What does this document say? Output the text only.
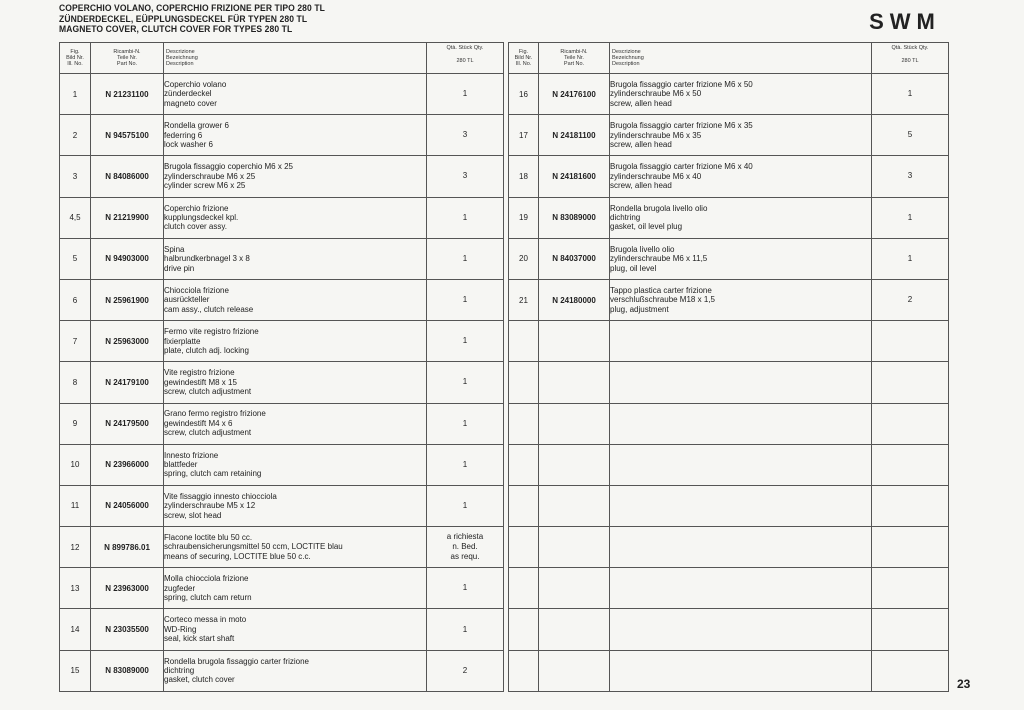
COPERCHIO VOLANO, COPERCHIO FRIZIONE PER TIPO 280 TL
ZÜNDERDECKEL, EÜPPLUNGSDECKEL FÜR TYPEN 280 TL
MAGNETO COVER, CLUTCH COVER FOR TYPES 280 TL	SWM
Fig.
Bild Nr.
Ill. No.	Ricambi-N.
Teile Nr.
Part No.	Descrizione
Bezeichnung
Description	Qtà. Stück Qty.
280 TL

1	N 21231100	Coperchio volano
zünderdeckel
magneto cover	1

2	N 94575100	Rondella grower 6
federring 6
lock washer 6	3

3	N 84086000	Brugola fissaggio coperchio M6 x 25
zylinderschraube M6 x 25
cylinder screw M6 x 25	3

4,5	N 21219900	Coperchio frizione
kupplungsdeckel kpl.
clutch cover assy.	1

5	N 94903000	Spina
halbrundkerbnagel 3 x 8
drive pin	1

6	N 25961900	Chiocciola frizione
ausrückteller
cam assy., clutch release	1

7	N 25963000	Fermo vite registro frizione
fixierplatte
plate, clutch adj. locking	1

8	N 24179100	Vite registro frizione
gewindestift M8 x 15
screw, clutch adjustment	1

9	N 24179500	Grano fermo registro frizione
gewindestift M4 x 6
screw, clutch adjustment	1

10	N 23966000	Innesto frizione
blattfeder
spring, clutch cam retaining	1

11	N 24056000	Vite fissaggio innesto chiocciola
zylinderschraube M5 x 12
screw, slot head	1

12	N 899786.01	Flacone loctite blu 50 cc.
schraubensicherungsmittel 50 ccm, LOCTITE blau
means of securing, LOCTITE blue 50 c.c.	a richiesta
n. Bed.
as requ.

13	N 23963000	Molla chiocciola frizione
zugfeder
spring, clutch cam return	1

14	N 23035500	Corteco messa in moto
WD-Ring
seal, kick start shaft	1

15	N 83089000	Rondella brugola fissaggio carter frizione
dichtring
gasket, clutch cover	2
Fig.
Bild Nr.
Ill. No.	Ricambi-N.
Teile Nr.
Part No.	Descrizione
Bezeichnung
Description	Qtà. Stück Qty.
280 TL

16	N 24176100	Brugola fissaggio carter frizione M6 x 50
zylinderschraube M6 x 50
screw, allen head	1

17	N 24181100	Brugola fissaggio carter frizione M6 x 35
zylinderschraube M6 x 35
screw, allen head	5

18	N 24181600	Brugola fissaggio carter frizione M6 x 40
zylinderschraube M6 x 40
screw, allen head	3

19	N 83089000	Rondella brugola livello olio
dichtring
gasket, oil level plug	1

20	N 84037000	Brugola livello olio
zylinderschraube M6 x 11,5
plug, oil level	1

21	N 24180000	Tappo plastica carter frizione
verschlußschraube M18 x 1,5
plug, adjustment	2

23
